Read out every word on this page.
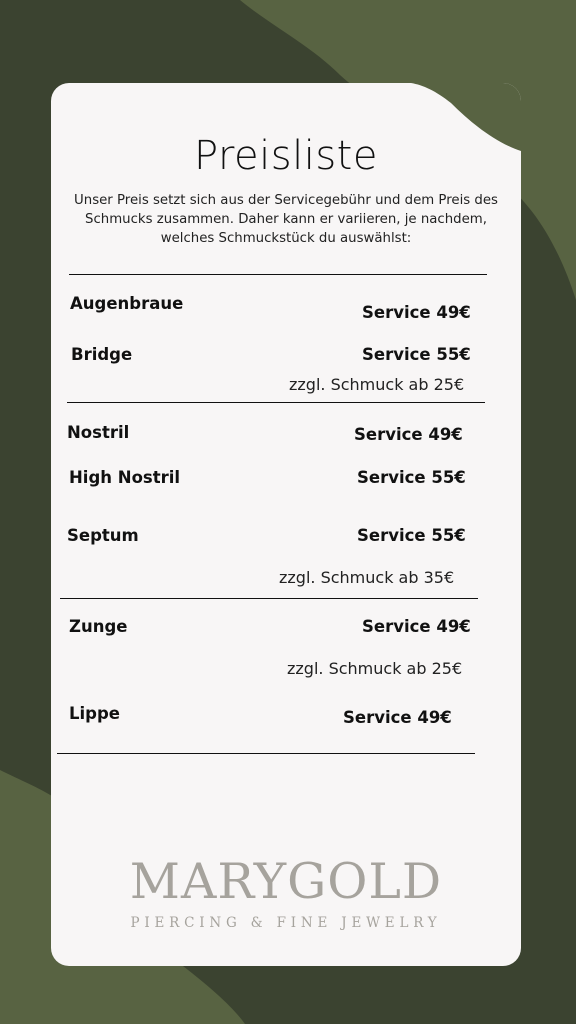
Preisliste
Unser Preis setzt sich aus der Servicegebühr und dem Preis des Schmucks zusammen. Daher kann er variieren, je nachdem, welches Schmuckstück du auswählst:
Augenbraue	Service 49€
Bridge	Service 55€
zzgl. Schmuck ab 25€
Nostril	Service 49€
High Nostril	Service 55€
Septum	Service 55€
zzgl. Schmuck ab 35€
Zunge	Service 49€
zzgl. Schmuck ab 25€
Lippe	Service 49€
MARYGOLD
PIERCING & FINE JEWELRY
